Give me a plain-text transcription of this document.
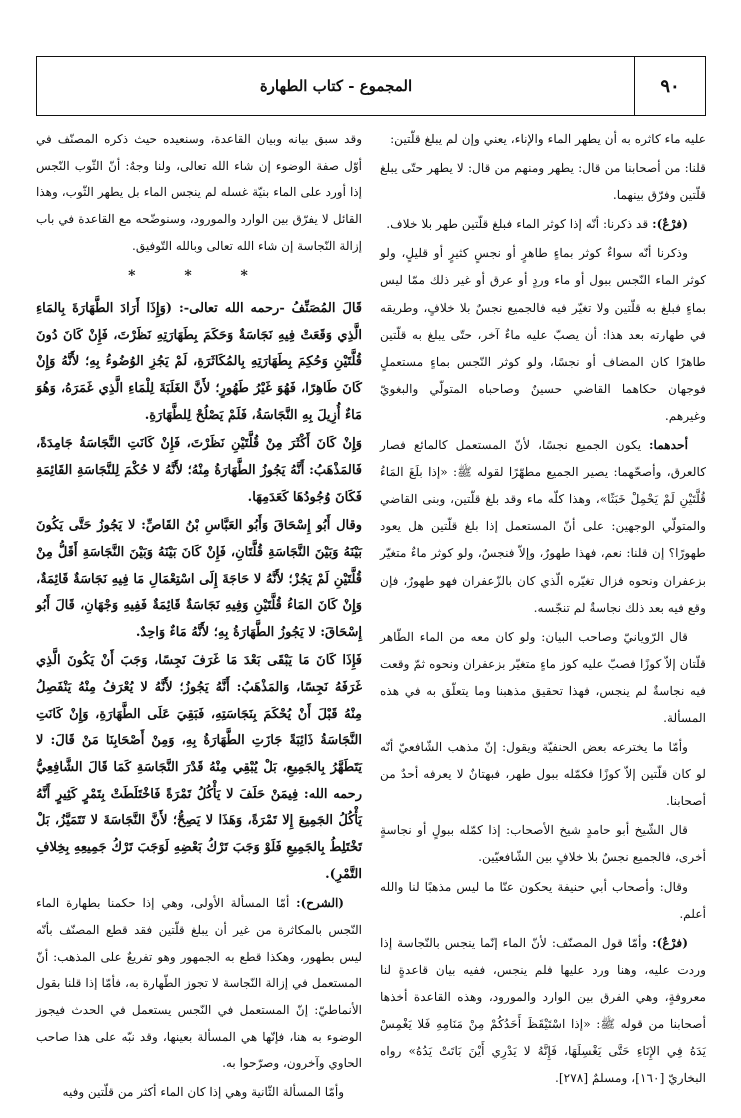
المجموع - كتاب الطهارة	٩٠

عليه ماء كاثره به أن يطهر الماء والإناء، يعني وإن لم يبلغ قلّتين:

قلنا: من أصحابنا من قال: يطهر ومنهم من قال: لا يطهر حتّى يبلغ قلّتين وفرّق بينهما.

(فرْعٌ): قد ذكرنا: أنّه إذا كوثر الماء فبلغ قلّتين طهر بلا خلاف.

وذكرنا أنّه سواءٌ كوثر بماءٍ طاهرٍ أو نجسٍ كثيرٍ أو قليلٍ، ولو كوثر الماء النّجس ببول أو ماء وردٍ أو عرق أو غير ذلك ممّا ليس بماءٍ فبلغ به قلّتين ولا تغيّر فيه فالجميع نجسٌ بلا خلافٍ، وطريقه في طهارته بعد هذا: أن يصبّ عليه ماءٌ آخر، حتّى يبلغ به قلّتين طاهرًا كان المضاف أو نجسًا، ولو كوثر النّجس بماءٍ مستعملٍ فوجهان حكاهما القاضي حسينٌ وصاحباه المتولّي والبغويّ وغيرهم.

أحدهما: يكون الجميع نجسًا، لأنّ المستعمل كالمائع فصار كالعرق، وأصحّهما: يصير الجميع مطهّرًا لقوله ﷺ: «إذا بلَغَ المَاءُ قُلَّتَيْنِ لَمْ يَحْمِلْ خَبَثًا»، وهذا كلّه ماء وقد بلغ قلّتين، وبنى القاضي والمتولّي الوجهين: على أنّ المستعمل إذا بلغ قلّتين هل يعود طهورًا؟ إن قلنا: نعم، فهذا طهورٌ، وإلاّ فنجسٌ، ولو كوثر ماءٌ متغيّر بزعفران ونحوه فزال تغيّره الّذي كان بالزّعفران فهو طهورٌ، فإن وقع فيه بعد ذلك نجاسةٌ لم تنجّسه.

قال الرّويانيّ وصاحب البيان: ولو كان معه من الماء الطّاهر قلّتان إلاّ كوزًا فصبّ عليه كوز ماءٍ متغيّر بزعفران ونحوه ثمّ وقعت فيه نجاسةٌ لم ينجس، فهذا تحقيق مذهبنا وما يتعلّق به في هذه المسألة.

وأمّا ما يخترعه بعض الحنفيّة ويقول: إنّ مذهب الشّافعيّ أنّه لو كان قلّتين إلاّ كوزًا فكمّله ببول طهر، فبهتانٌ لا يعرفه أحدٌ من أصحابنا.

قال الشّيخ أبو حامدٍ شيخ الأصحاب: إذا كمّله ببولٍ أو نجاسةٍ أخرى، فالجميع نجسٌ بلا خلافٍ بين الشّافعيّين.

وقال: وأصحاب أبي حنيفة يحكون عنّا ما ليس مذهبًا لنا والله أعلم.

(فرْعٌ): وأمّا قول المصنّف: لأنّ الماء إنّما ينجس بالنّجاسة إذا وردت عليه، وهنا ورد عليها فلم ينجس، ففيه بيان قاعدةٍ لنا معروفةٍ، وهي الفرق بين الوارد والمورود، وهذه القاعدة أخذها أصحابنا من قوله ﷺ: «إذا اسْتَيْقَظَ أَحَدُكُمْ مِنْ مَنَامِهِ فَلا يَغْمِسْ يَدَهُ فِي الإِنَاءِ حَتَّى يَغْسِلَهَا، فَإِنَّهُ لا يَدْرِي أَيْنَ بَاتَتْ يَدُهُ» رواه البخاريّ [١٦٠]، ومسلمٌ [٢٧٨].

وقد سبق بيانه وبيان القاعدة، وسنعيده حيث ذكره المصنّف في أوّل صفة الوضوء إن شاء الله تعالى، ولنا وجهٌ: أنّ الثّوب النّجس إذا أورد على الماء بنيّة غسله لم ينجس الماء بل يطهر الثّوب، وهذا القائل لا يفرّق بين الوارد والمورود، وسنوضّحه مع القاعدة في باب إزالة النّجاسة إن شاء الله تعالى وبالله التّوفيق.

* * *

قَالَ المُصَنِّفُ -رحمه الله تعالى-: (وَإِذَا أَرَادَ الطَّهَارَةَ بِالمَاءِ الَّذِي وَقَعَتْ فِيهِ نَجَاسَةٌ وَحَكَمَ بِطَهَارَتِهِ نَظَرْتَ، فَإِنْ كَانَ دُونَ قُلَّتَيْنِ وَحُكِمَ بِطَهَارَتِهِ بِالمُكَاثَرَةِ، لَمْ يَجُزِ الوُضُوءُ بِهِ؛ لأَنَّهُ وَإِنْ كَانَ طَاهِرًا، فَهُوَ غَيْرُ طَهُورٍ؛ لأَنَّ الغَلَبَةَ لِلْمَاءِ الَّذِي غَمَرَهُ، وَهُوَ مَاءٌ أُزِيلَ بِهِ النَّجَاسَةُ، فَلَمْ يَصْلُحْ لِلطَّهَارَةِ.

وَإِنْ كَانَ أَكْثَرَ مِنْ قُلَّتَيْنِ نَظَرْتَ، فَإِنْ كَانَتِ النَّجَاسَةُ جَامِدَةً، فَالمَذْهَبُ: أَنَّهُ يَجُوزُ الطَّهَارَةُ مِنْهُ؛ لأَنَّهُ لا حُكْمَ لِلنَّجَاسَةِ القَائِمَةِ فَكَانَ وُجُودُهَا كَعَدَمِهَا.

وقال أَبُو إِسْحَاقَ وَأَبُو العَبَّاسِ بْنُ القَاصِّ: لا يَجُوزُ حَتَّى يَكُونَ بَيْنَهُ وَبَيْنَ النَّجَاسَةِ قُلَّتَانِ، فَإِنْ كَانَ بَيْنَهُ وَبَيْنَ النَّجَاسَةِ أَقَلُّ مِنْ قُلَّتَيْنِ لَمْ يَجُزْ؛ لأَنَّهُ لا حَاجَةَ إِلَى اسْتِعْمَالِ مَا فِيهِ نَجَاسَةٌ قَائِمَةٌ، وَإِنْ كَانَ المَاءُ قُلَّتَيْنِ وَفِيهِ نَجَاسَةٌ قَائِمَةٌ فَفِيهِ وَجْهَانِ، قَالَ أَبُو إِسْحَاقَ: لا يَجُوزُ الطَّهَارَةُ بِهِ؛ لأَنَّهُ مَاءٌ وَاحِدٌ.

فَإِذَا كَانَ مَا يَبْقَى بَعْدَ مَا غَرَفَ نَجِسًا، وَجَبَ أَنْ يَكُونَ الَّذِي غَرَفَهُ نَجِسًا، وَالمَذْهَبُ: أَنَّهُ يَجُوزُ؛ لأَنَّهُ لا يُعْرَفُ مِنْهُ يَنْفَصِلُ مِنْهُ قَبْلَ أَنْ يُحْكَمَ بِنَجَاسَتِهِ، فَبَقِيَ عَلَى الطَّهَارَةِ، وَإِنْ كَانَتِ النَّجَاسَةُ ذَائِبَةً جَازَتِ الطَّهَارَةُ بِهِ، وَمِنْ أَصْحَابِنَا مَنْ قَالَ: لا يَتَطَهَّرُ بِالجَمِيعِ، بَلْ يُبْقِي مِنْهُ قَدْرَ النَّجَاسَةِ كَمَا قَالَ الشَّافِعِيُّ رحمه الله: فِيمَنْ حَلَفَ لا يَأْكُلُ تَمْرَةً فَاخْتَلَطَتْ بِتَمْرٍ كَثِيرٍ أَنَّهُ يَأْكُلُ الجَمِيعَ إِلا تَمْرَةً، وَهَذَا لا يَصِحُّ؛ لأَنَّ النَّجَاسَةَ لا تَتَمَيَّزُ، بَلْ تَخْتَلِطُ بِالجَمِيعِ فَلَوْ وَجَبَ تَرْكُ بَعْضِهِ لَوَجَبَ تَرْكُ جَمِيعِهِ بِخِلافِ التَّمْرِ).

(الشرح): أمّا المسألة الأولى، وهي إذا حكمنا بطهارة الماء النّجس بالمكاثرة من غير أن يبلغ قلّتين فقد قطع المصنّف بأنّه ليس بطهور، وهكذا قطع به الجمهور وهو تفريعٌ على المذهب: أنّ المستعمل في إزالة النّجاسة لا تجوز الطّهارة به، فأمّا إذا قلنا بقول الأنماطيّ: إنّ المستعمل في النّجس يستعمل في الحدث فيجوز الوضوء به هنا، فإنّها هي المسألة بعينها، وقد نبّه على هذا صاحب الحاوي وآخرون، وصرّحوا به.

وأمّا المسألة الثّانية وهي إذا كان الماء أكثر من قلّتين وفيه
